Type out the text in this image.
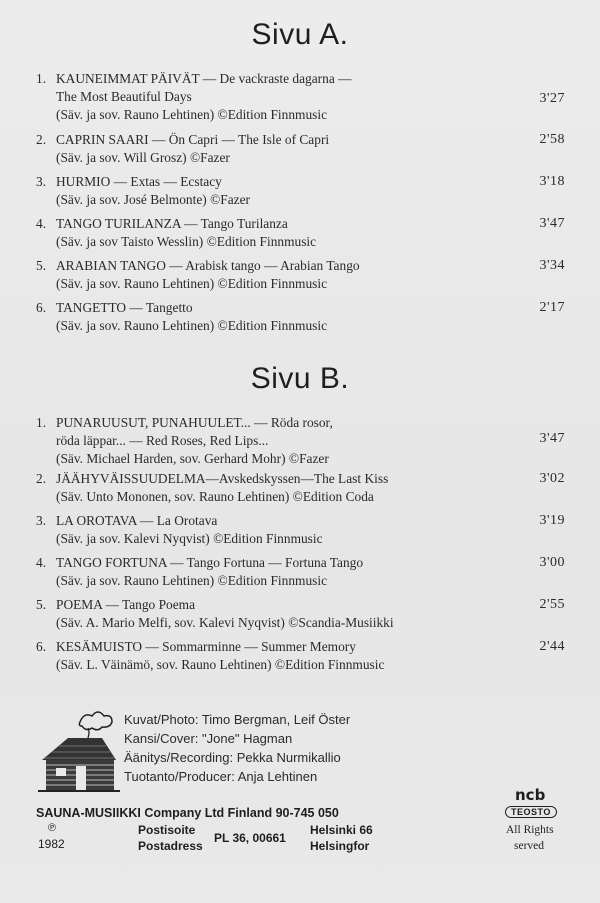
Sivu A.
1. KAUNEIMMAT PÄIVÄT — De vackraste dagarna —
The Most Beautiful Days
(Säv. ja sov. Rauno Lehtinen) ©Edition Finnmusic
3'27
2. CAPRIN SAARI — Ön Capri — The Isle of Capri
(Säv. ja sov. Will Grosz) ©Fazer
2'58
3. HURMIO — Extas — Ecstacy
(Säv. ja sov. José Belmonte) ©Fazer
3'18
4. TANGO TURILANZA — Tango Turilanza
(Säv. ja sov Taisto Wesslin) ©Edition Finnmusic
3'47
5. ARABIAN TANGO — Arabisk tango — Arabian Tango
(Säv. ja sov. Rauno Lehtinen) ©Edition Finnmusic
3'34
6. TANGETTO — Tangetto
(Säv. ja sov. Rauno Lehtinen) ©Edition Finnmusic
2'17
Sivu B.
1. PUNARUUSUT, PUNAHUULET... — Röda rosor,
röda läppar... — Red Roses, Red Lips...
(Säv. Michael Harden, sov. Gerhard Mohr) ©Fazer
3'47
2. JÄÄHYVÄISSUUDELMA—Avskedskyssen—The Last Kiss
(Säv. Unto Mononen, sov. Rauno Lehtinen) ©Edition Coda
3'02
3. LA OROTAVA — La Orotava
(Säv. ja sov. Kalevi Nyqvist) ©Edition Finnmusic
3'19
4. TANGO FORTUNA — Tango Fortuna — Fortuna Tango
(Säv. ja sov. Rauno Lehtinen) ©Edition Finnmusic
3'00
5. POEMA — Tango Poema
(Säv. A. Mario Melfi, sov. Kalevi Nyqvist) ©Scandia-Musiikki
2'55
6. KESÄMUISTO — Sommarminne — Summer Memory
(Säv. L. Väinämö, sov. Rauno Lehtinen) ©Edition Finnmusic
2'44
Kuvat/Photo: Timo Bergman, Leif Öster
Kansi/Cover: "Jone" Hagman
Äänitys/Recording: Pekka Nurmikallio
Tuotanto/Producer: Anja Lehtinen
SAUNA-MUSIIKKI Company Ltd Finland 90-745 050
℗
1982
Postisoite
Postadress
PL 36, 00661
Helsinki 66
Helsingfor
ncb
TEOSTO
All Rights
served
